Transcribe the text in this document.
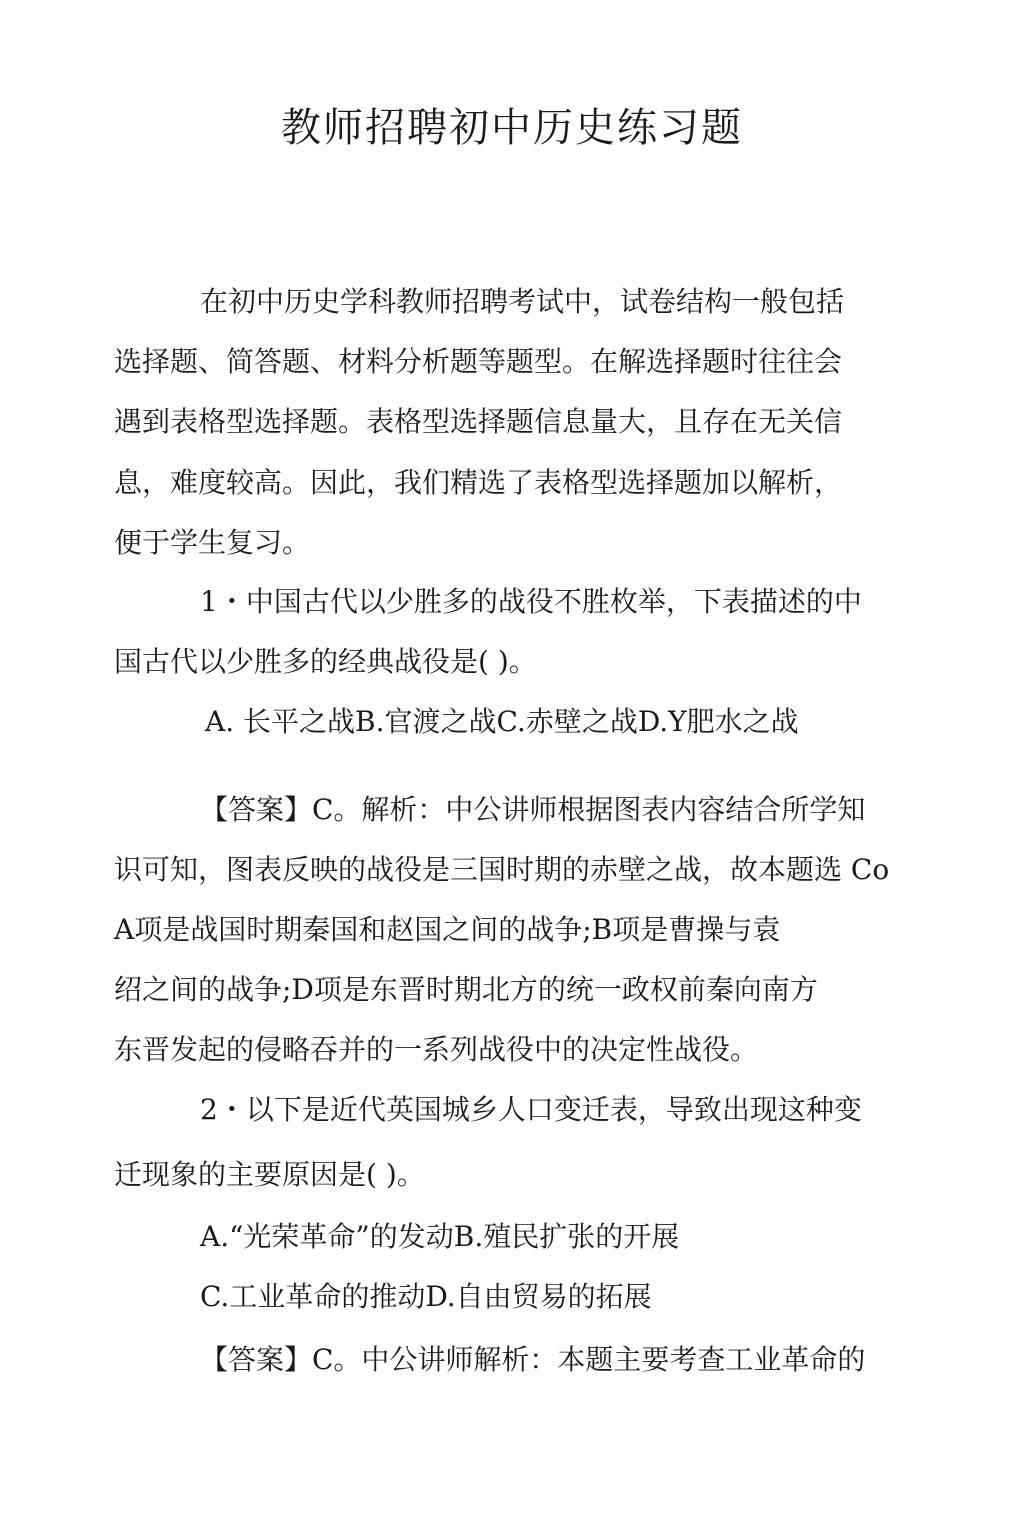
教师招聘初中历史练习题

在初中历史学科教师招聘考试中，试卷结构一般包括

选择题、简答题、材料分析题等题型。在解选择题时往往会

遇到表格型选择题。表格型选择题信息量大，且存在无关信

息，难度较高。因此，我们精选了表格型选择题加以解析，

便于学生复习。

1・中国古代以少胜多的战役不胜枚举，下表描述的中

国古代以少胜多的经典战役是( )。

A. 长平之战B.官渡之战C.赤壁之战D.Y肥水之战

【答案】C。解析：中公讲师根据图表内容结合所学知

识可知，图表反映的战役是三国时期的赤壁之战，故本题选 Co

A项是战国时期秦国和赵国之间的战争;B项是曹操与袁

绍之间的战争;D项是东晋时期北方的统一政权前秦向南方

东晋发起的侵略吞并的一系列战役中的决定性战役。

2・以下是近代英国城乡人口变迁表，导致出现这种变

迁现象的主要原因是( )。

A.“光荣革命”的发动B.殖民扩张的开展

C.工业革命的推动D.自由贸易的拓展

【答案】C。中公讲师解析：本题主要考查工业革命的
